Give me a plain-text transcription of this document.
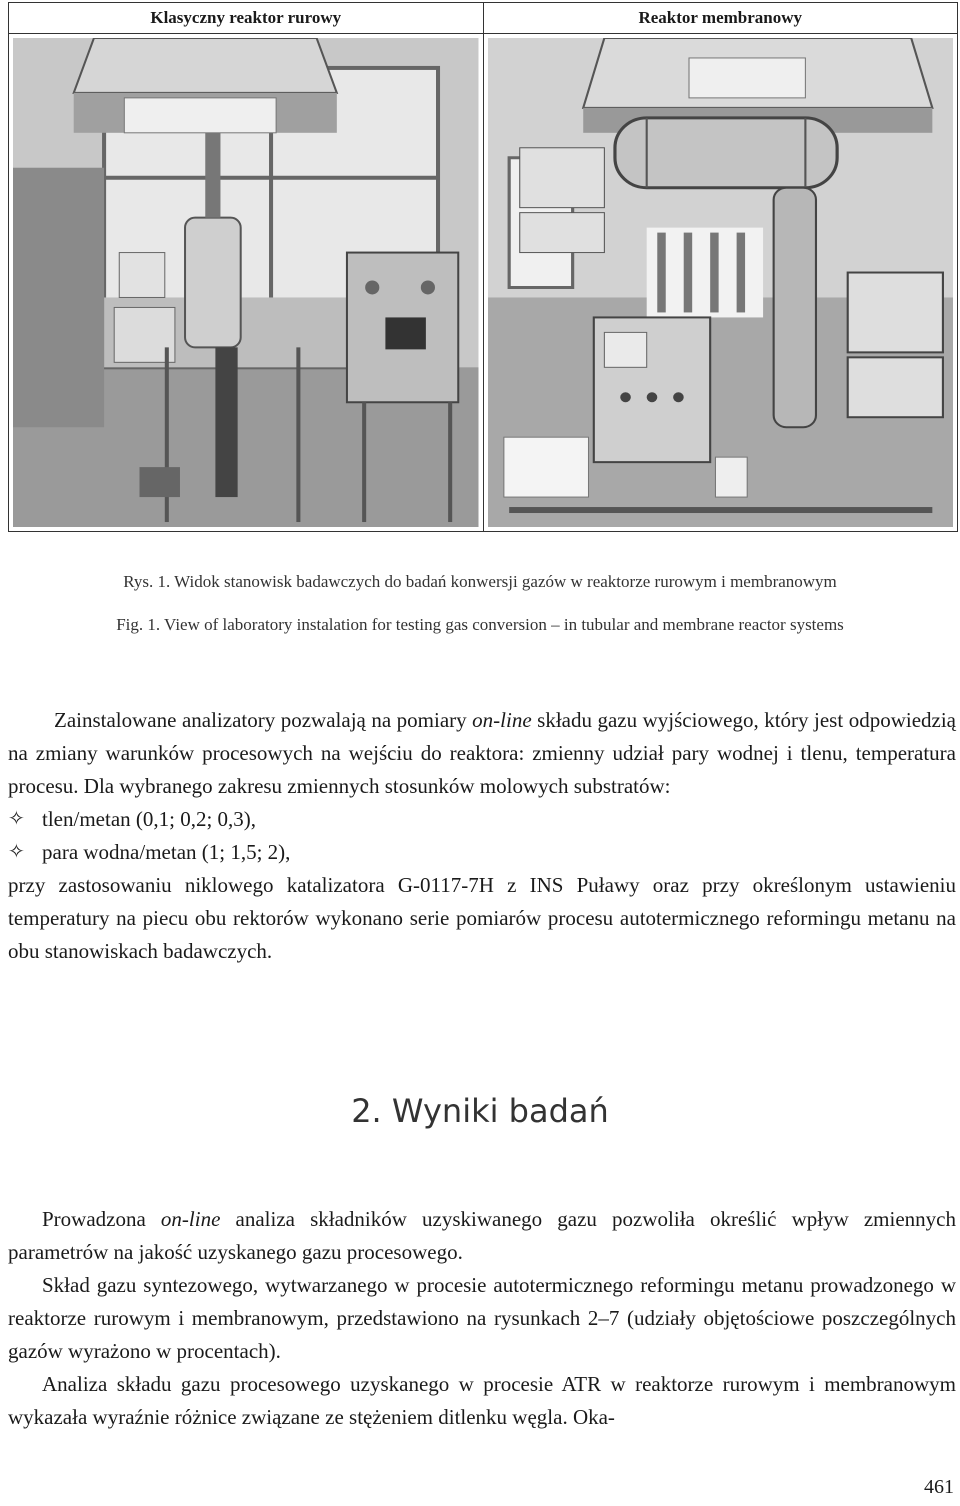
Klasyczny reaktor rurowy	Reaktor membranowy
Rys. 1. Widok stanowisk badawczych do badań konwersji gazów w reaktorze rurowym i membranowym
Fig. 1. View of laboratory instalation for testing gas conversion – in tubular and membrane reactor systems

Zainstalowane analizatory pozwalają na pomiary on-line składu gazu wyjściowego, który jest odpowiedzią na zmiany warunków procesowych na wejściu do reaktora: zmienny udział pary wodnej i tlenu, temperatura procesu. Dla wybranego zakresu zmiennych stosunków molowych substratów:

✧ tlen/metan (0,1; 0,2; 0,3),

✧ para wodna/metan (1; 1,5; 2),

przy zastosowaniu niklowego katalizatora G-0117-7H z INS Puławy oraz przy określonym ustawieniu temperatury na piecu obu rektorów wykonano serie pomiarów procesu autotermicznego reformingu metanu na obu stanowiskach badawczych.

2. Wyniki badań

Prowadzona on-line analiza składników uzyskiwanego gazu pozwoliła określić wpływ zmiennych parametrów na jakość uzyskanego gazu procesowego.

Skład gazu syntezowego, wytwarzanego w procesie autotermicznego reformingu metanu prowadzonego w reaktorze rurowym i membranowym, przedstawiono na rysunkach 2–7 (udziały objętościowe poszczególnych gazów wyrażono w procentach).

Analiza składu gazu procesowego uzyskanego w procesie ATR w reaktorze rurowym i membranowym wykazała wyraźnie różnice związane ze stężeniem ditlenku węgla. Oka-

461
